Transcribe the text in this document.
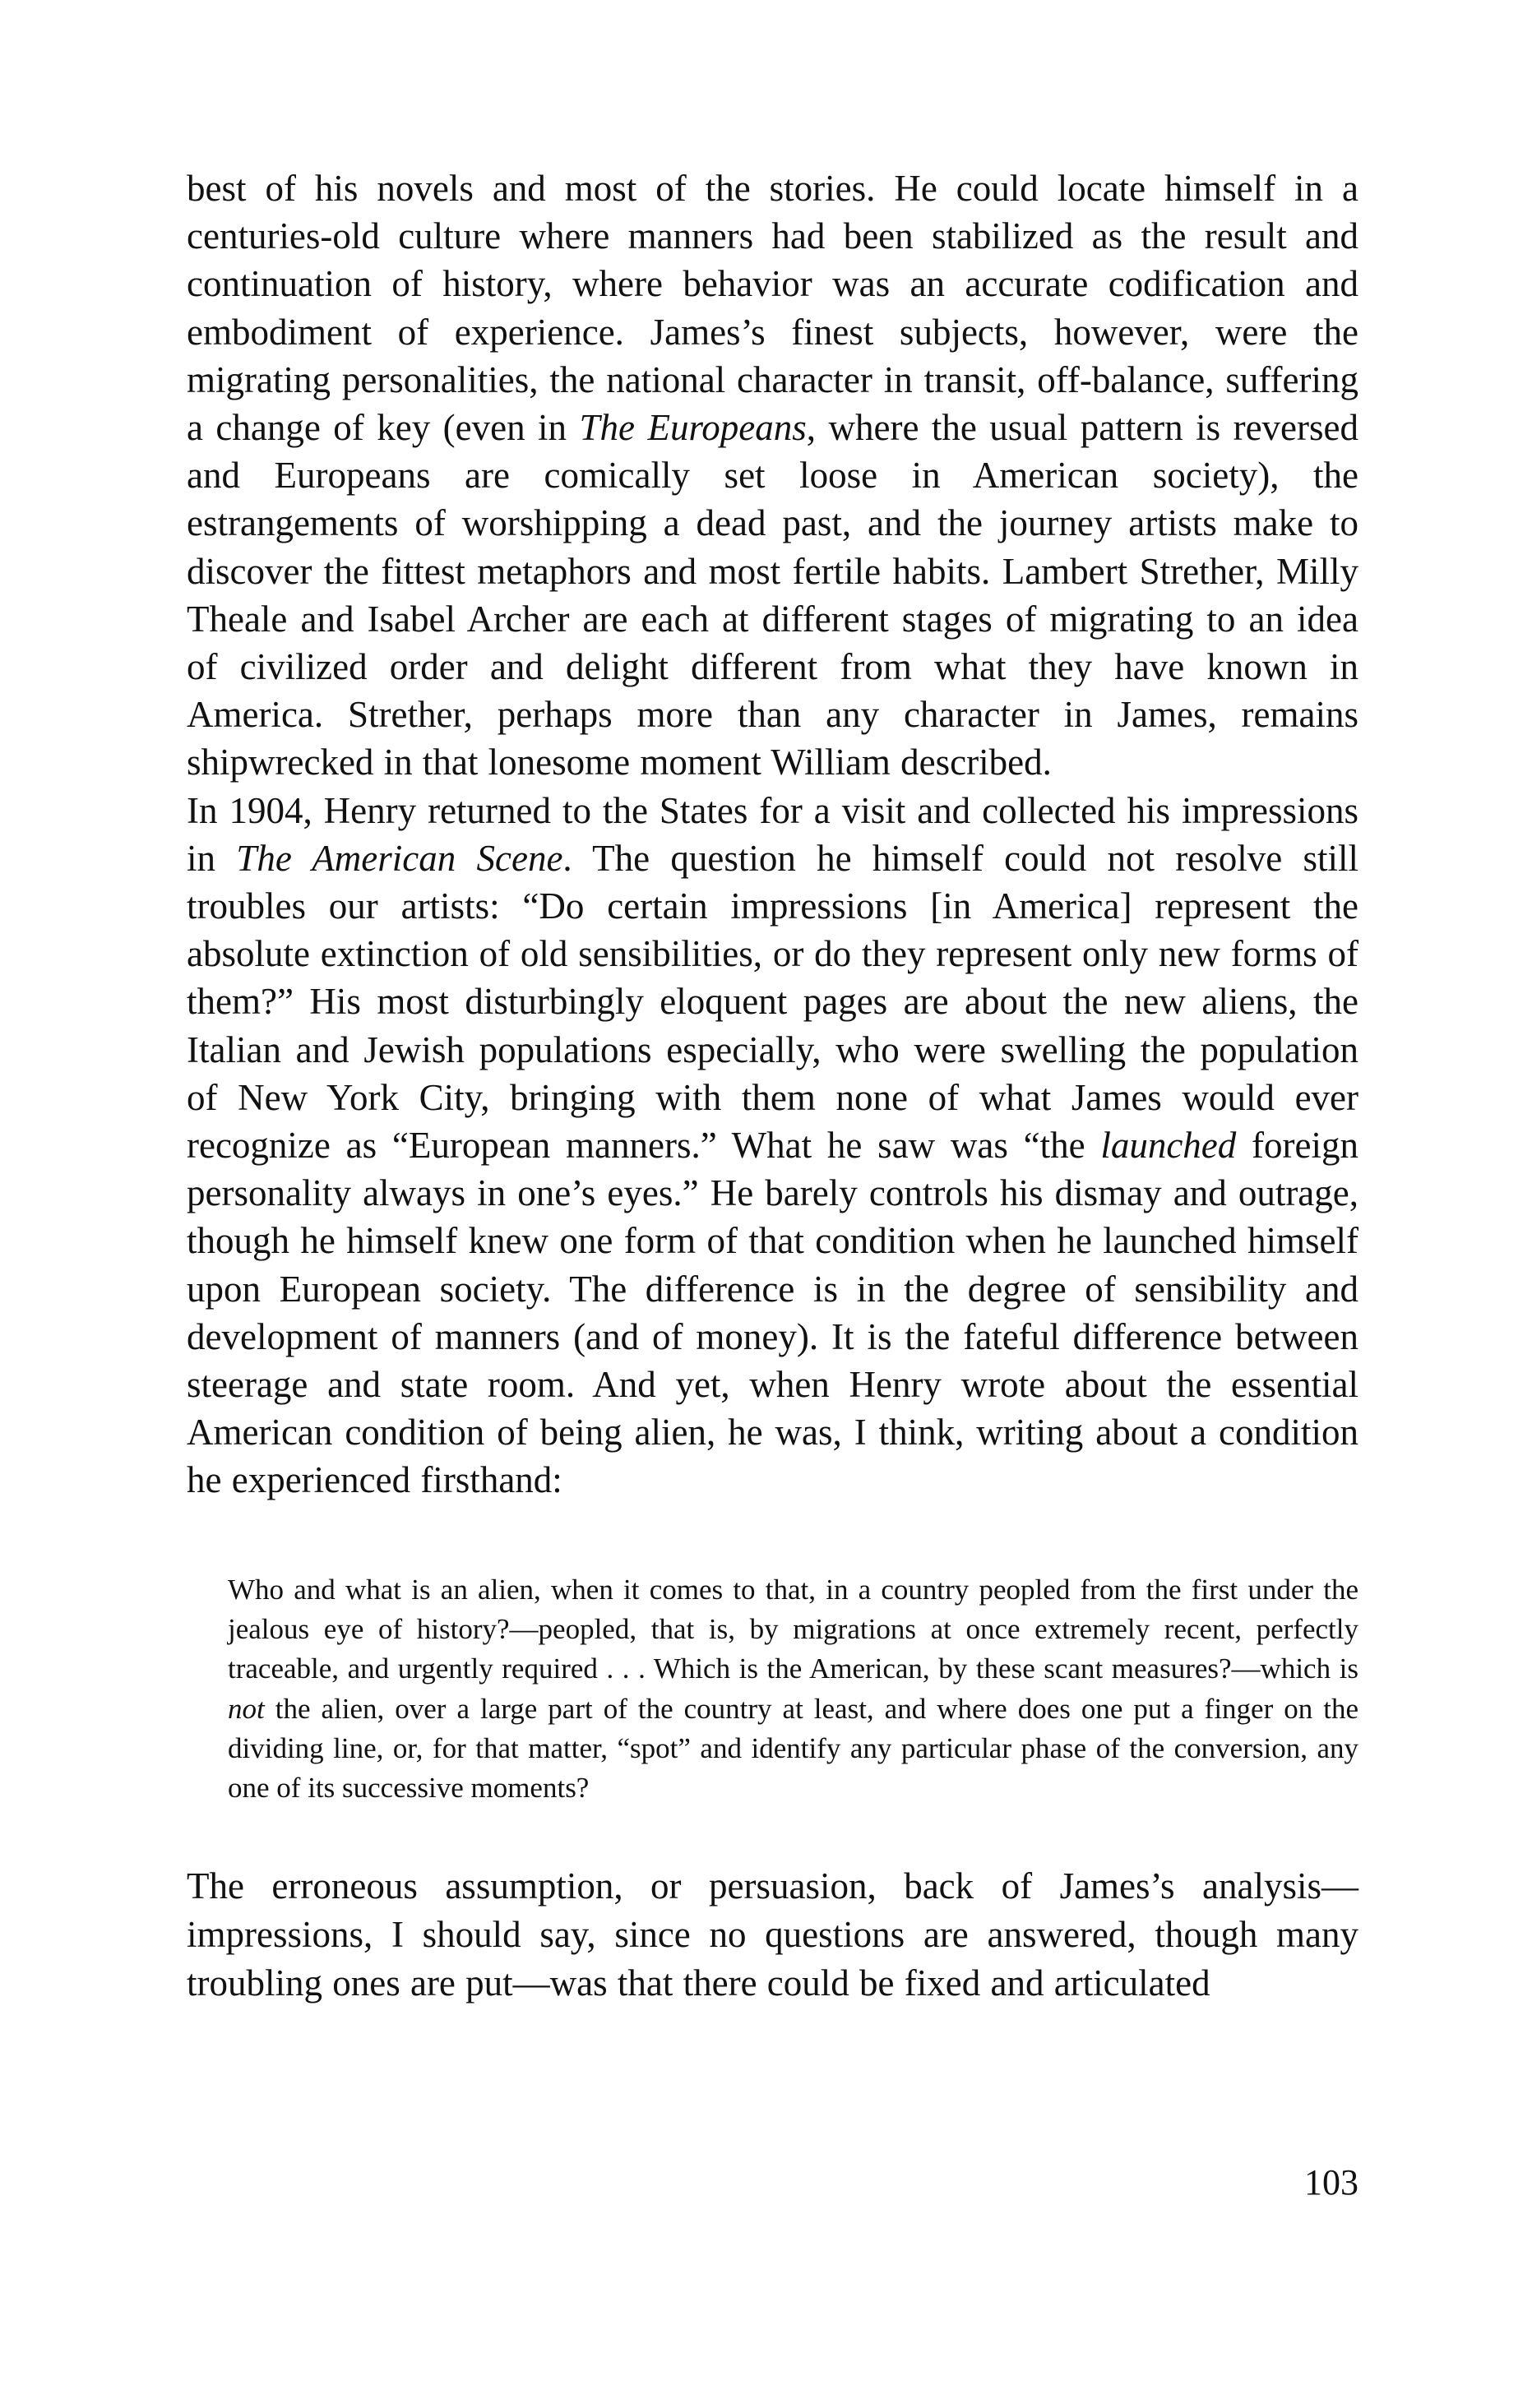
best of his novels and most of the stories. He could locate himself in a centuries-old culture where manners had been stabilized as the result and continuation of history, where behavior was an accurate codification and embodiment of experience. James’s finest subjects, however, were the migrating personalities, the national character in transit, off-balance, suffering a change of key (even in The Europeans, where the usual pattern is reversed and Europeans are comically set loose in American society), the estrangements of worshipping a dead past, and the journey artists make to discover the fittest metaphors and most fertile habits. Lambert Strether, Milly Theale and Isabel Archer are each at different stages of migrating to an idea of civilized order and delight different from what they have known in America. Strether, perhaps more than any character in James, remains shipwrecked in that lonesome moment William described.

In 1904, Henry returned to the States for a visit and collected his impressions in The American Scene. The question he himself could not resolve still troubles our artists: “Do certain impressions [in America] represent the absolute extinction of old sensibilities, or do they represent only new forms of them?” His most disturbingly eloquent pages are about the new aliens, the Italian and Jewish populations especially, who were swelling the population of New York City, bringing with them none of what James would ever recognize as “European manners.” What he saw was “the launched foreign personality always in one’s eyes.” He barely controls his dismay and outrage, though he himself knew one form of that condition when he launched himself upon European society. The difference is in the degree of sensibility and development of manners (and of money). It is the fateful difference between steerage and state room. And yet, when Henry wrote about the essential American condition of being alien, he was, I think, writing about a condition he experienced firsthand:

Who and what is an alien, when it comes to that, in a country peopled from the first under the jealous eye of history?—peopled, that is, by migrations at once extremely recent, perfectly traceable, and urgently required . . . Which is the American, by these scant measures?—which is not the alien, over a large part of the country at least, and where does one put a finger on the dividing line, or, for that matter, “spot” and identify any particular phase of the conversion, any one of its successive moments?

The erroneous assumption, or persuasion, back of James’s analysis—impressions, I should say, since no questions are answered, though many troubling ones are put—was that there could be fixed and articulated

103
